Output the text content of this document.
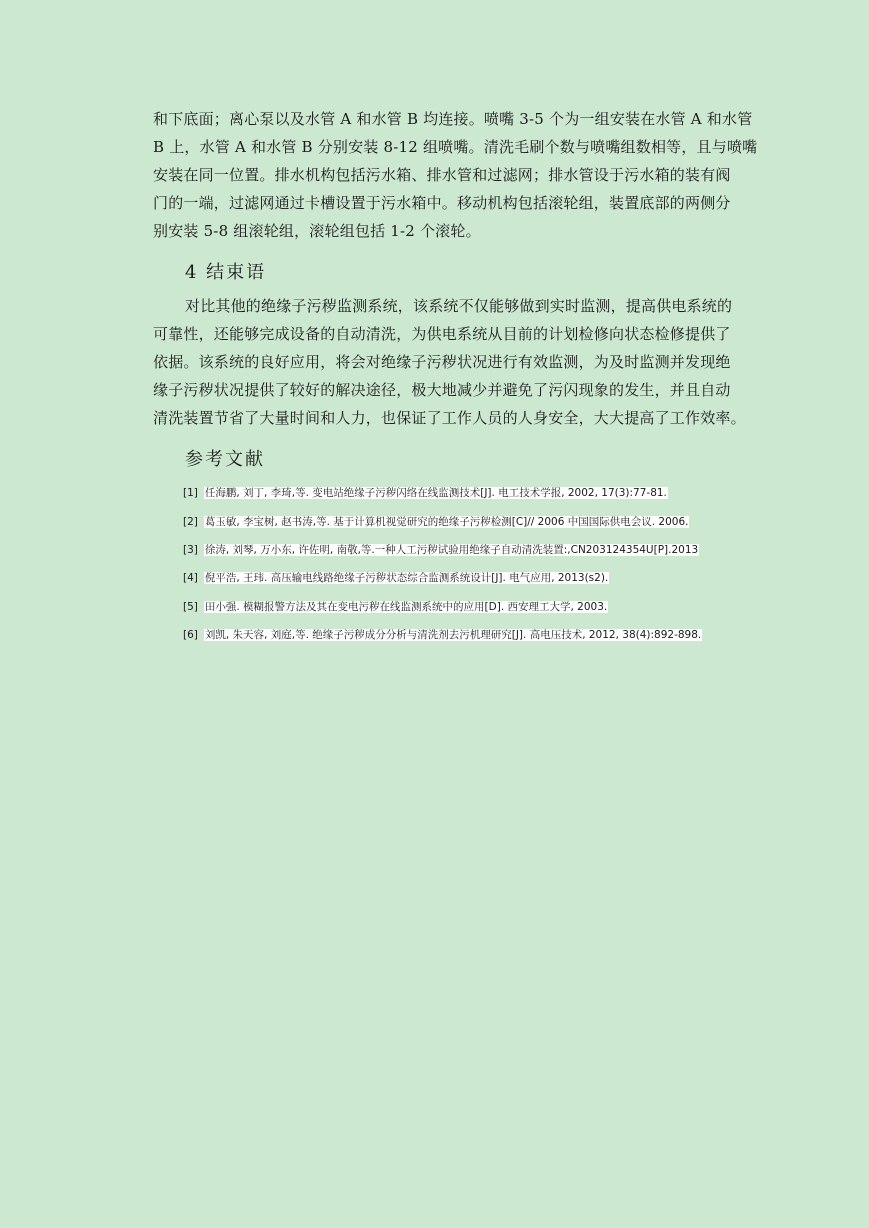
和下底面；离心泵以及水管 A 和水管 B 均连接。喷嘴 3-5 个为一组安装在水管 A 和水管
B 上，水管 A 和水管 B 分别安装 8-12 组喷嘴。清洗毛刷个数与喷嘴组数相等，且与喷嘴
安装在同一位置。排水机构包括污水箱、排水管和过滤网；排水管设于污水箱的装有阀
门的一端，过滤网通过卡槽设置于污水箱中。移动机构包括滚轮组，装置底部的两侧分
别安装 5-8 组滚轮组，滚轮组包括 1-2 个滚轮。
4 结束语
对比其他的绝缘子污秽监测系统，该系统不仅能够做到实时监测，提高供电系统的
可靠性，还能够完成设备的自动清洗，为供电系统从目前的计划检修向状态检修提供了
依据。该系统的良好应用，将会对绝缘子污秽状况进行有效监测，为及时监测并发现绝
缘子污秽状况提供了较好的解决途径，极大地减少并避免了污闪现象的发生，并且自动
清洗装置节省了大量时间和人力，也保证了工作人员的人身安全，大大提高了工作效率。
参考文献
[1] 任海鹏, 刘丁, 李琦,等. 变电站绝缘子污秽闪络在线监测技术[J]. 电工技术学报, 2002, 17(3):77-81.
[2] 葛玉敏, 李宝树, 赵书涛,等. 基于计算机视觉研究的绝缘子污秽检测[C]// 2006 中国国际供电会议. 2006.
[3] 徐涛, 刘琴, 万小东, 许佐明, 南敬,等.一种人工污秽试验用绝缘子自动清洗装置:,CN203124354U[P].2013
[4] 倪平浩, 王玮. 高压输电线路绝缘子污秽状态综合监测系统设计[J]. 电气应用, 2013(s2).
[5] 田小强. 模糊报警方法及其在变电污秽在线监测系统中的应用[D]. 西安理工大学, 2003.
[6] 刘凯, 朱天容, 刘庭,等. 绝缘子污秽成分分析与清洗剂去污机理研究[J]. 高电压技术, 2012, 38(4):892-898.
